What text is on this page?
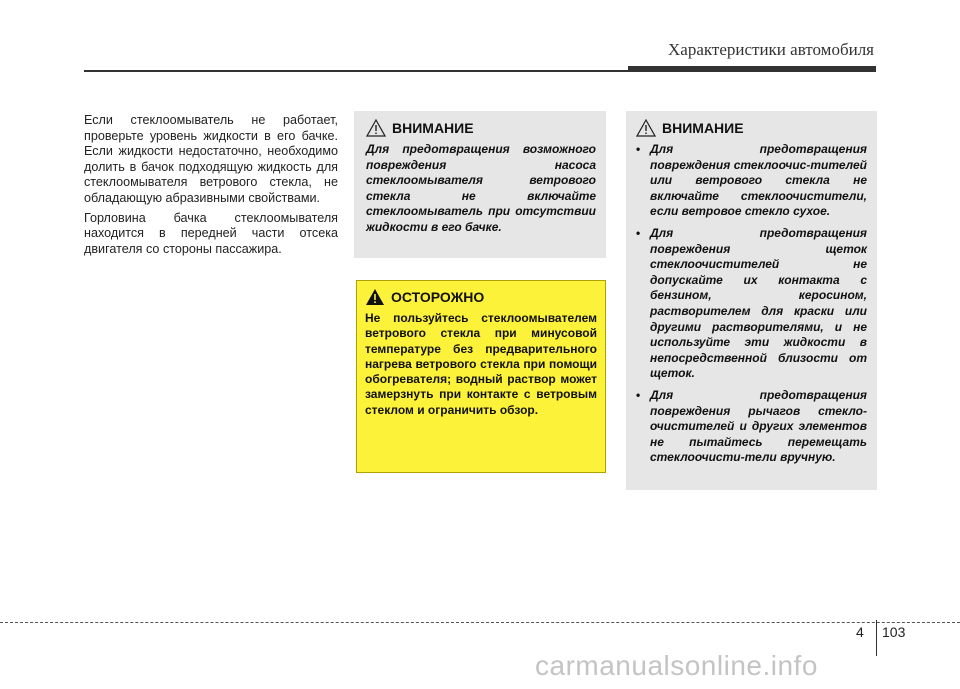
Характеристики автомобиля

Если стеклоомыватель не работает, проверьте уровень жидкости в его бачке. Если жидкости недостаточно, необходимо долить в бачок подходящую жидкость для стеклоомывателя ветрового стекла, не обладающую абразивными свойствами.

Горловина бачка стеклоомывателя находится в передней части отсека двигателя со стороны пассажира.

ВНИМАНИЕ
Для предотвращения возможного повреждения насоса стеклоомывателя ветрового стекла не включайте стеклоомыватель при отсутствии жидкости в его бачке.
ОСТОРОЖНО
Не пользуйтесь стеклоомывателем ветрового стекла при минусовой температуре без предварительного нагрева ветрового стекла при помощи обогревателя; водный раствор может замерзнуть при контакте с ветровым стеклом и ограничить обзор.
ВНИМАНИЕ
• Для предотвращения повреждения стеклоочис-тителей или ветрового стекла не включайте стеклоочистители, если ветровое стекло сухое.
• Для предотвращения повреждения щеток стеклоочистителей не допускайте их контакта с бензином, керосином, растворителем для краски или другими растворителями, и не используйте эти жидкости в непосредственной близости от щеток.
• Для предотвращения повреждения рычагов стекло-очистителей и других элементов не пытайтесь перемещать стеклоочисти-тели вручную.
4 103
carmanualsonline.info
